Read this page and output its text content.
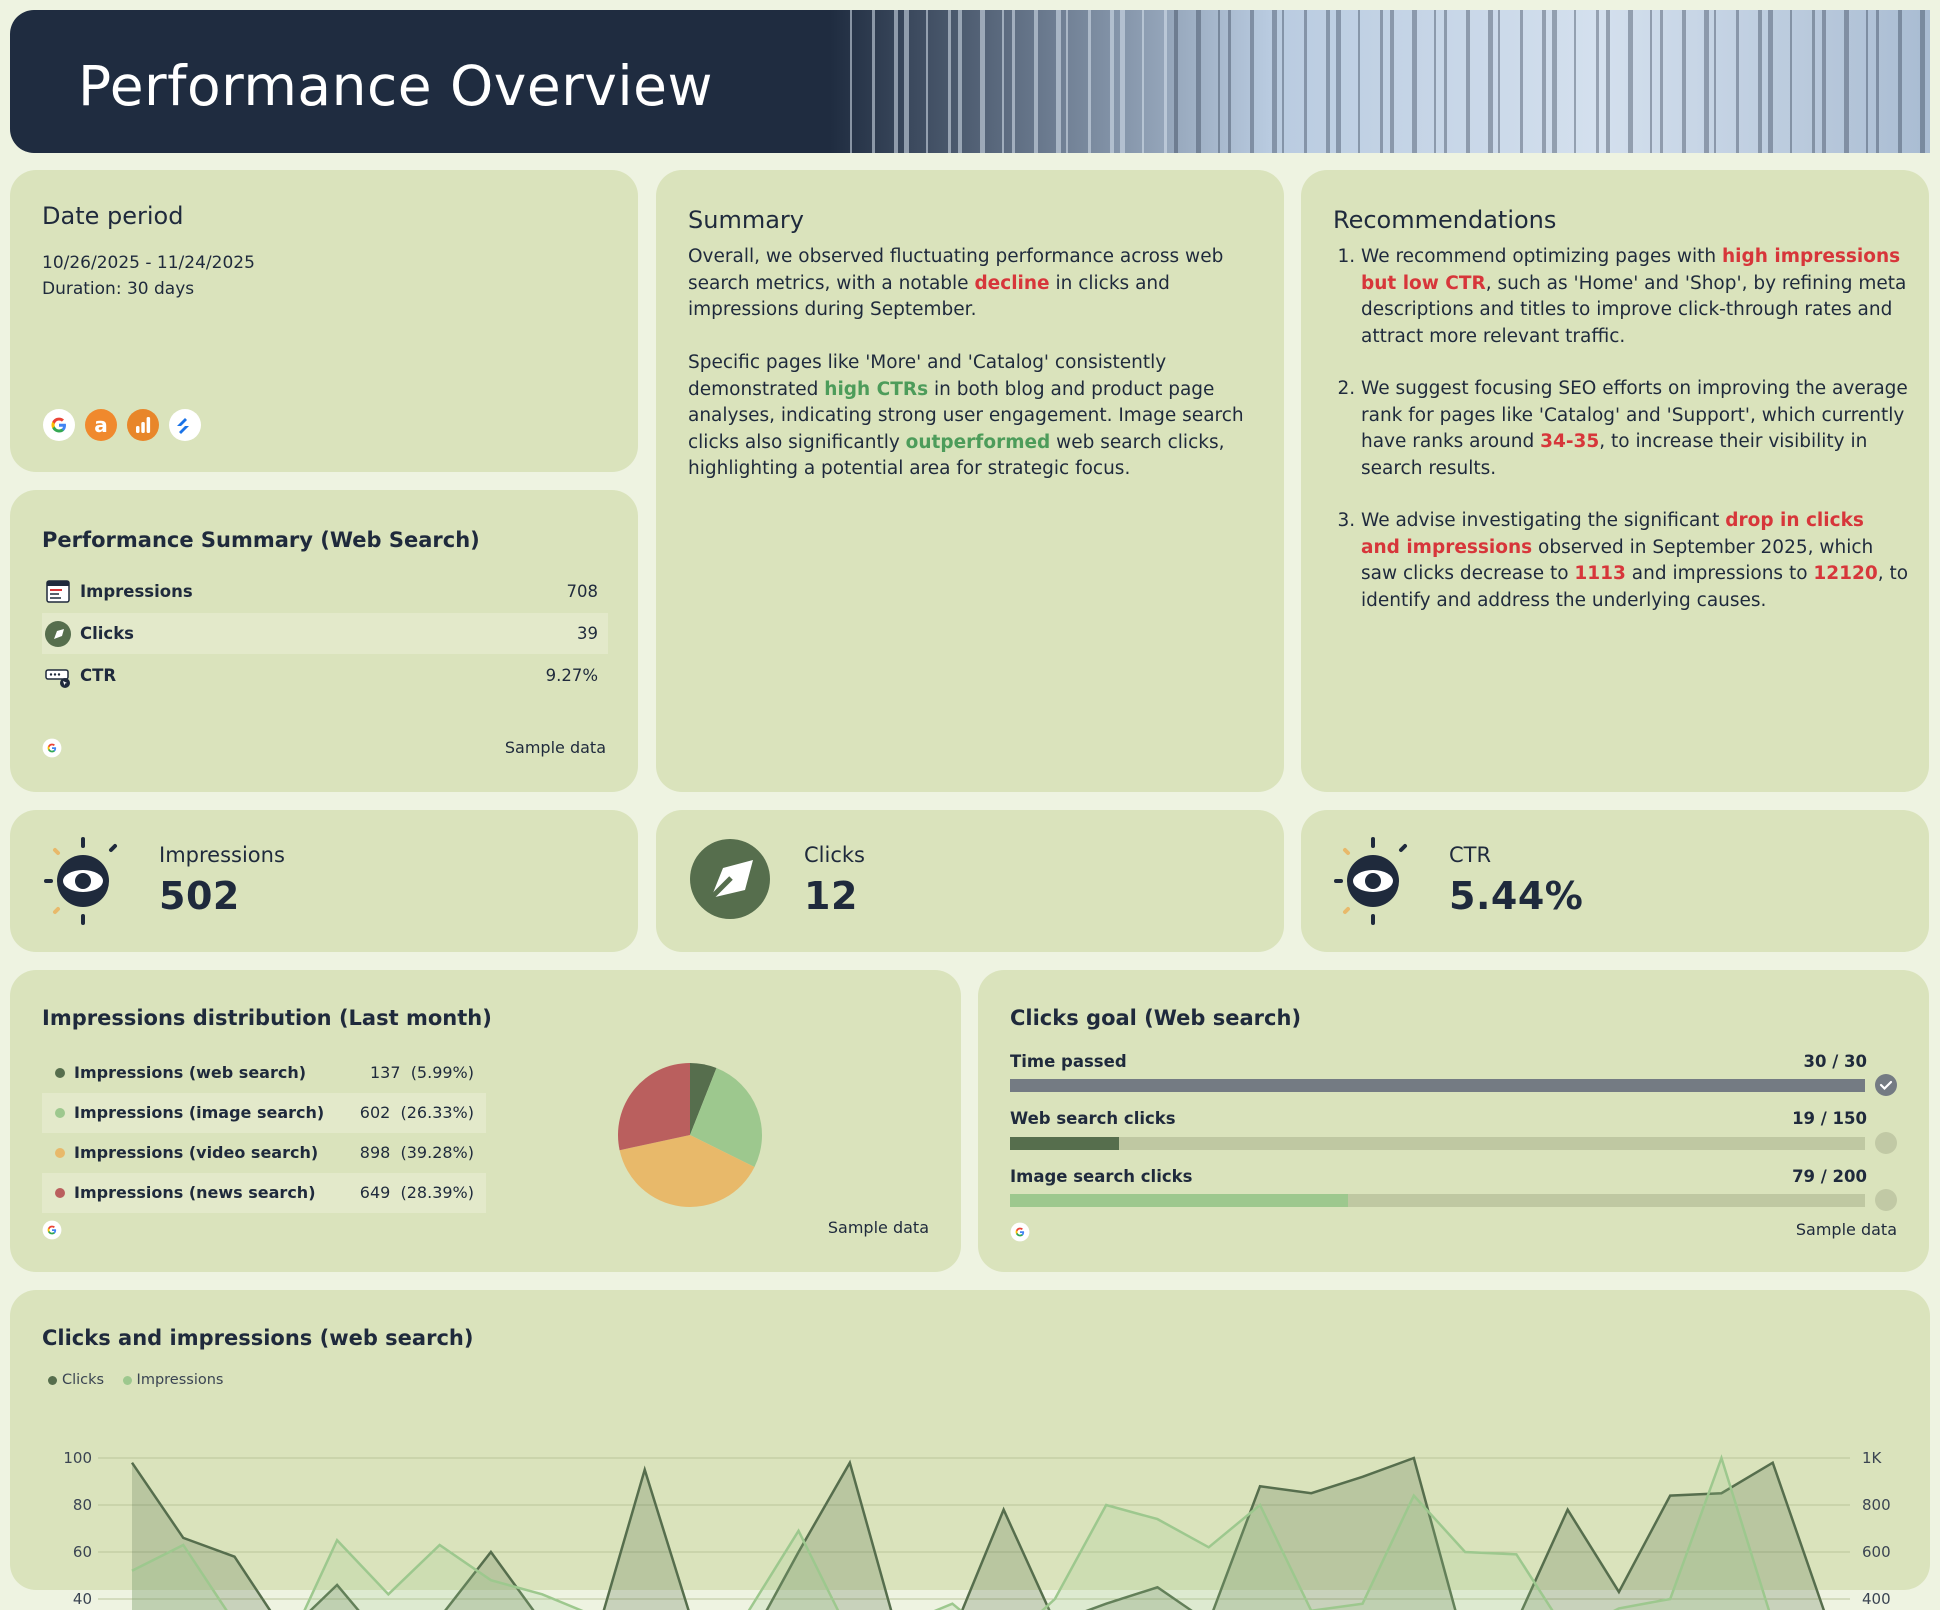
Performance Overview
Date period
10/26/2025 - 11/24/2025
Duration: 30 days
a
Performance Summary (Web Search)
Impressions	708
Clicks	39
CTR	9.27%
Sample data
Summary
Overall, we observed fluctuating performance across web search metrics, with a notable decline in clicks and impressions during September.
Specific pages like 'More' and 'Catalog' consistently demonstrated high CTRs in both blog and product page analyses, indicating strong user engagement. Image search clicks also significantly outperformed web search clicks, highlighting a potential area for strategic focus.
Recommendations
1. We recommend optimizing pages with high impressions but low CTR, such as 'Home' and 'Shop', by refining meta descriptions and titles to improve click-through rates and attract more relevant traffic.
2. We suggest focusing SEO efforts on improving the average rank for pages like 'Catalog' and 'Support', which currently have ranks around 34-35, to increase their visibility in search results.
3. We advise investigating the significant drop in clicks and impressions observed in September 2025, which saw clicks decrease to 1113 and impressions to 12120, to identify and address the underlying causes.
Impressions
502
Clicks
12
CTR
5.44%
Impressions distribution (Last month)
Impressions (web search)	137 (5.99%)
Impressions (image search) 602 (26.33%)
Impressions (video search)	898 (39.28%)
Impressions (news search)	649 (28.39%)
Sample data
Clicks goal (Web search)
Time passed	30 / 30
Web search clicks	19 / 150
Image search clicks	79 / 200
Sample data
Clicks and impressions (web search)
Clicks Impressions
100
80
60
40
1K
800
600
400
